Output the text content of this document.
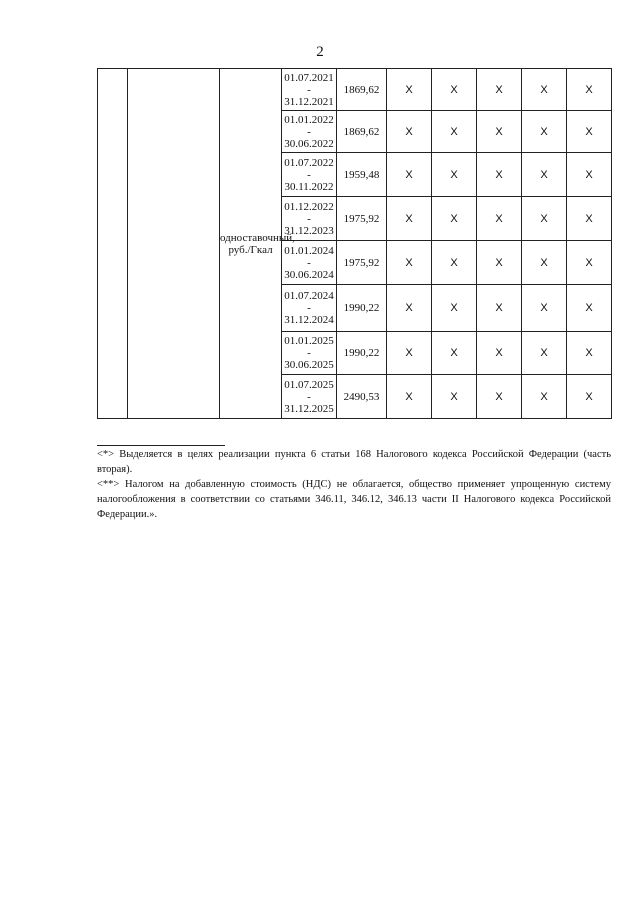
2
		одноставочный, руб./Гкал	01.07.2021
-
31.12.2021	1869,62	Х	Х	Х	Х	Х

			01.01.2022
-
30.06.2022	1869,62	Х	Х	Х	Х	Х

			01.07.2022
-
30.11.2022	1959,48	Х	Х	Х	Х	Х

			01.12.2022
-
31.12.2023	1975,92	Х	Х	Х	Х	Х

			01.01.2024
-
30.06.2024	1975,92	Х	Х	Х	Х	Х

			01.07.2024
-
31.12.2024	1990,22	Х	Х	Х	Х	Х

			01.01.2025
-
30.06.2025	1990,22	Х	Х	Х	Х	Х

			01.07.2025
-
31.12.2025	2490,53	Х	Х	Х	Х	Х

<*> Выделяется в целях реализации пункта 6 статьи 168 Налогового кодекса Российской Федерации (часть вторая).

<**> Налогом на добавленную стоимость (НДС) не облагается, общество применяет упрощенную систему налогообложения в соответствии со статьями 346.11, 346.12, 346.13 части II Налогового кодекса Российской Федерации.».
